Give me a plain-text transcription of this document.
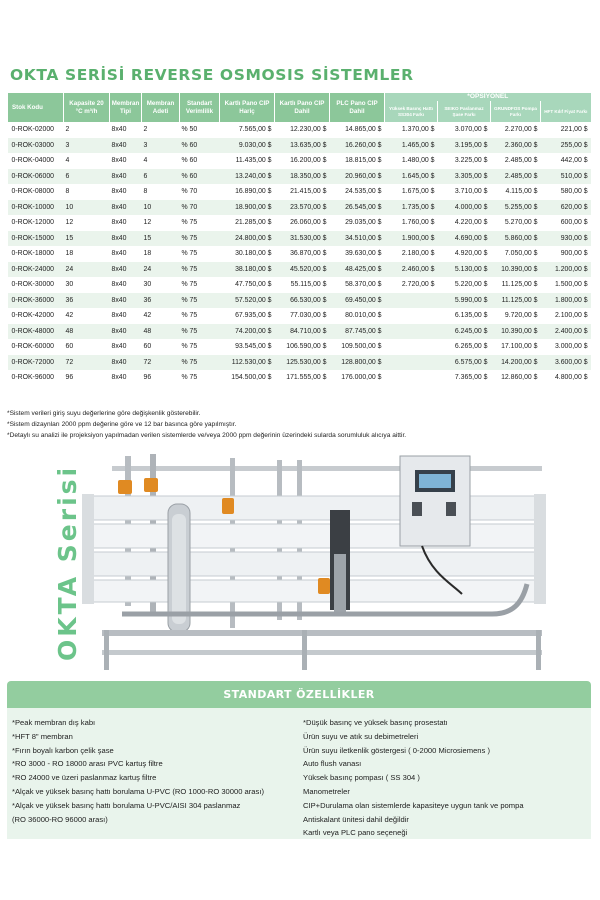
OKTA SERİSİ REVERSE OSMOSIS SİSTEMLER
Stok Kodu	Kapasite 20 °C m³/h	Membran Tipi	Membran Adeti	Standart Verimlilik	Kartlı Pano CIP Hariç	Kartlı Pano CIP Dahil	PLC Pano CIP Dahil	*OPSİYONEL			
								Yüksek Basınç Hattı SS304 Farkı	SEIKO Paslanmaz Şase Farkı	GRUNDFOS Pompa Farkı	HFT Kılıf Fiyat Farkı
0-ROK-02000	2	8x40	2	% 50	7.565,00 $	12.230,00 $	14.865,00 $	1.370,00 $	3.070,00 $	2.270,00 $	221,00 $
0-ROK-03000	3	8x40	3	% 60	9.030,00 $	13.635,00 $	16.260,00 $	1.465,00 $	3.195,00 $	2.360,00 $	255,00 $
0-ROK-04000	4	8x40	4	% 60	11.435,00 $	16.200,00 $	18.815,00 $	1.480,00 $	3.225,00 $	2.485,00 $	442,00 $
0-ROK-06000	6	8x40	6	% 60	13.240,00 $	18.350,00 $	20.960,00 $	1.645,00 $	3.305,00 $	2.485,00 $	510,00 $
0-ROK-08000	8	8x40	8	% 70	16.890,00 $	21.415,00 $	24.535,00 $	1.675,00 $	3.710,00 $	4.115,00 $	580,00 $
0-ROK-10000	10	8x40	10	% 70	18.900,00 $	23.570,00 $	26.545,00 $	1.735,00 $	4.000,00 $	5.255,00 $	620,00 $
0-ROK-12000	12	8x40	12	% 75	21.285,00 $	26.060,00 $	29.035,00 $	1.760,00 $	4.220,00 $	5.270,00 $	600,00 $
0-ROK-15000	15	8x40	15	% 75	24.800,00 $	31.530,00 $	34.510,00 $	1.900,00 $	4.690,00 $	5.860,00 $	930,00 $
0-ROK-18000	18	8x40	18	% 75	30.180,00 $	36.870,00 $	39.630,00 $	2.180,00 $	4.920,00 $	7.050,00 $	900,00 $
0-ROK-24000	24	8x40	24	% 75	38.180,00 $	45.520,00 $	48.425,00 $	2.460,00 $	5.130,00 $	10.390,00 $	1.200,00 $
0-ROK-30000	30	8x40	30	% 75	47.750,00 $	55.115,00 $	58.370,00 $	2.720,00 $	5.220,00 $	11.125,00 $	1.500,00 $
0-ROK-36000	36	8x40	36	% 75	57.520,00 $	66.530,00 $	69.450,00 $		5.990,00 $	11.125,00 $	1.800,00 $
0-ROK-42000	42	8x40	42	% 75	67.935,00 $	77.030,00 $	80.010,00 $		6.135,00 $	9.720,00 $	2.100,00 $
0-ROK-48000	48	8x40	48	% 75	74.200,00 $	84.710,00 $	87.745,00 $		6.245,00 $	10.390,00 $	2.400,00 $
0-ROK-60000	60	8x40	60	% 75	93.545,00 $	106.590,00 $	109.500,00 $		6.265,00 $	17.100,00 $	3.000,00 $
0-ROK-72000	72	8x40	72	% 75	112.530,00 $	125.530,00 $	128.800,00 $		6.575,00 $	14.200,00 $	3.600,00 $
0-ROK-96000	96	8x40	96	% 75	154.500,00 $	171.555,00 $	176.000,00 $		7.365,00 $	12.860,00 $	4.800,00 $
*Sistem verileri giriş suyu değerlerine göre değişkenlik gösterebilir.
*Sistem dizaynları 2000 ppm değerine göre ve 12 bar basınca göre yapılmıştır.
*Detaylı su analizi ile projeksiyon yapılmadan verilen sistemlerde ve/veya 2000 ppm değerinin üzerindeki sularda sorumluluk alıcıya aittir.
OKTA Serisi
STANDART ÖZELLİKLER
*Peak membran dış kabı
*HFT 8" membran
*Fırın boyalı karbon çelik şase
*RO 3000 - RO 18000 arası PVC kartuş filtre
*RO 24000 ve üzeri paslanmaz kartuş filtre
*Alçak ve yüksek basınç hattı borulama U-PVC (RO 1000-RO 30000 arası)
*Alçak ve yüksek basınç hattı borulama U-PVC/AISI 304 paslanmaz
(RO 36000-RO 96000 arası)
*Düşük basınç ve yüksek basınç prosestatı
Ürün suyu ve atık su debimetreleri
Ürün suyu iletkenlik göstergesi ( 0-2000 Microsiemens )
Auto flush vanası
Yüksek basınç pompası ( SS 304 )
Manometreler
CIP+Durulama olan sistemlerde kapasiteye uygun tank ve pompa
Antiskalant ünitesi dahil değildir
Kartlı veya PLC pano seçeneği
